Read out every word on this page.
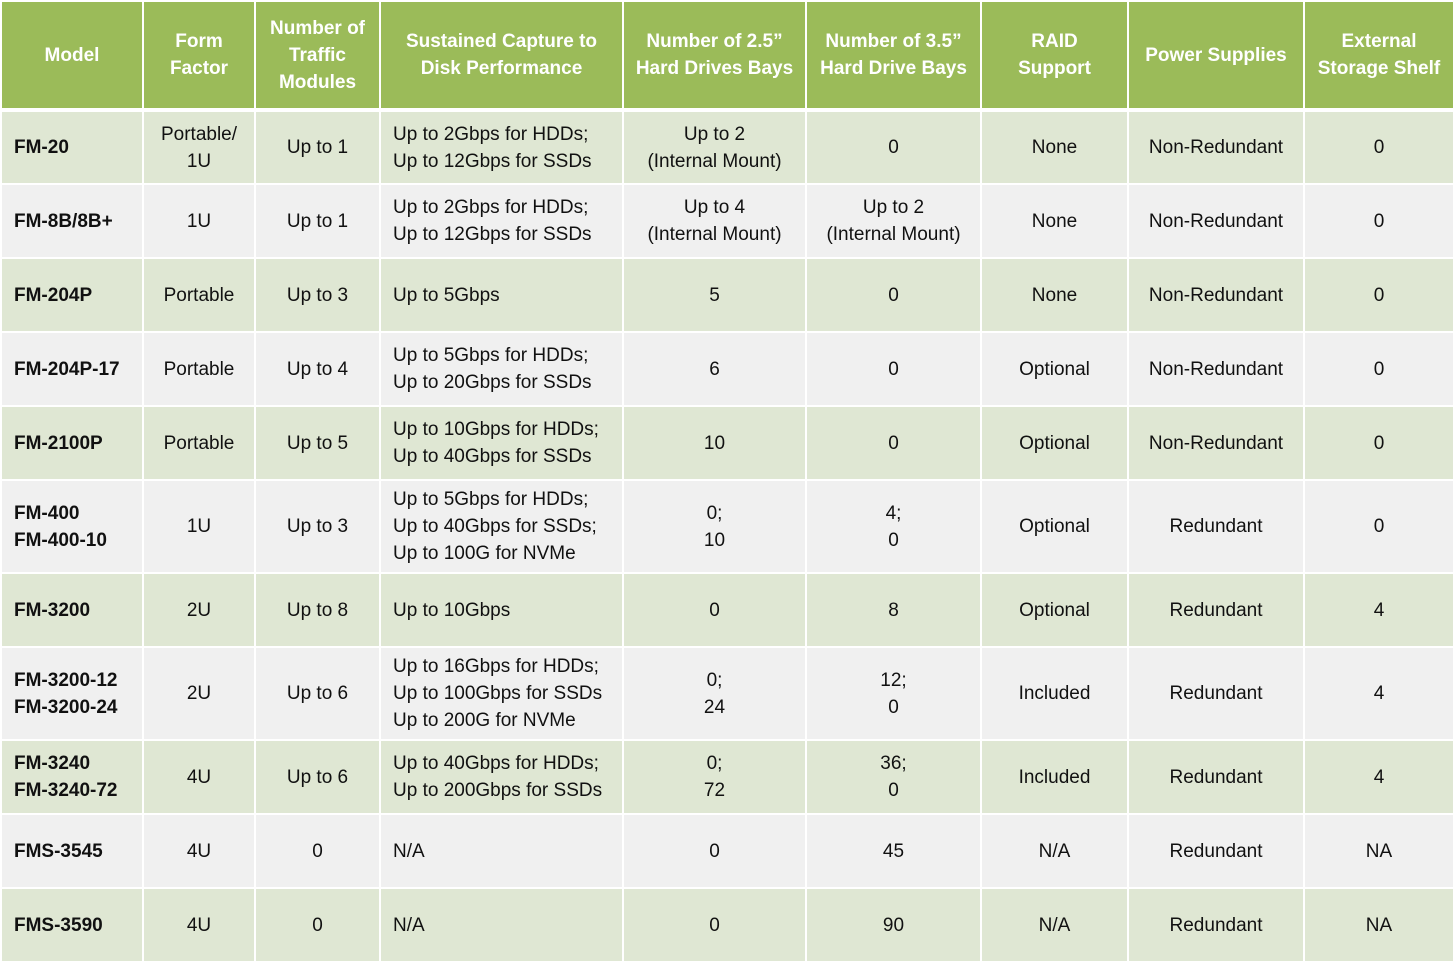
Model	Form
Factor	Number of
Traffic
Modules	Sustained Capture to
Disk Performance	Number of 2.5”
Hard Drives Bays	Number of 3.5”
Hard Drive Bays	RAID
Support	Power Supplies	External
Storage Shelf

FM-20	Portable/
1U	Up to 1	Up to 2Gbps for HDDs;
Up to 12Gbps for SSDs	Up to 2
(Internal Mount)	0	None	Non-Redundant	0

FM-8B/8B+	1U	Up to 1	Up to 2Gbps for HDDs;
Up to 12Gbps for SSDs	Up to 4
(Internal Mount)	Up to 2
(Internal Mount)	None	Non-Redundant	0

FM-204P	Portable	Up to 3	Up to 5Gbps	5	0	None	Non-Redundant	0

FM-204P-17	Portable	Up to 4	Up to 5Gbps for HDDs;
Up to 20Gbps for SSDs	6	0	Optional	Non-Redundant	0

FM-2100P	Portable	Up to 5	Up to 10Gbps for HDDs;
Up to 40Gbps for SSDs	10	0	Optional	Non-Redundant	0

FM-400
FM-400-10	1U	Up to 3	Up to 5Gbps for HDDs;
Up to 40Gbps for SSDs;
Up to 100G for NVMe	0;
10	4;
0	Optional	Redundant	0

FM-3200	2U	Up to 8	Up to 10Gbps	0	8	Optional	Redundant	4

FM-3200-12
FM-3200-24	2U	Up to 6	Up to 16Gbps for HDDs;
Up to 100Gbps for SSDs
Up to 200G for NVMe	0;
24	12;
0	Included	Redundant	4

FM-3240
FM-3240-72	4U	Up to 6	Up to 40Gbps for HDDs;
Up to 200Gbps for SSDs	0;
72	36;
0	Included	Redundant	4

FMS-3545	4U	0	N/A	0	45	N/A	Redundant	NA

FMS-3590	4U	0	N/A	0	90	N/A	Redundant	NA
